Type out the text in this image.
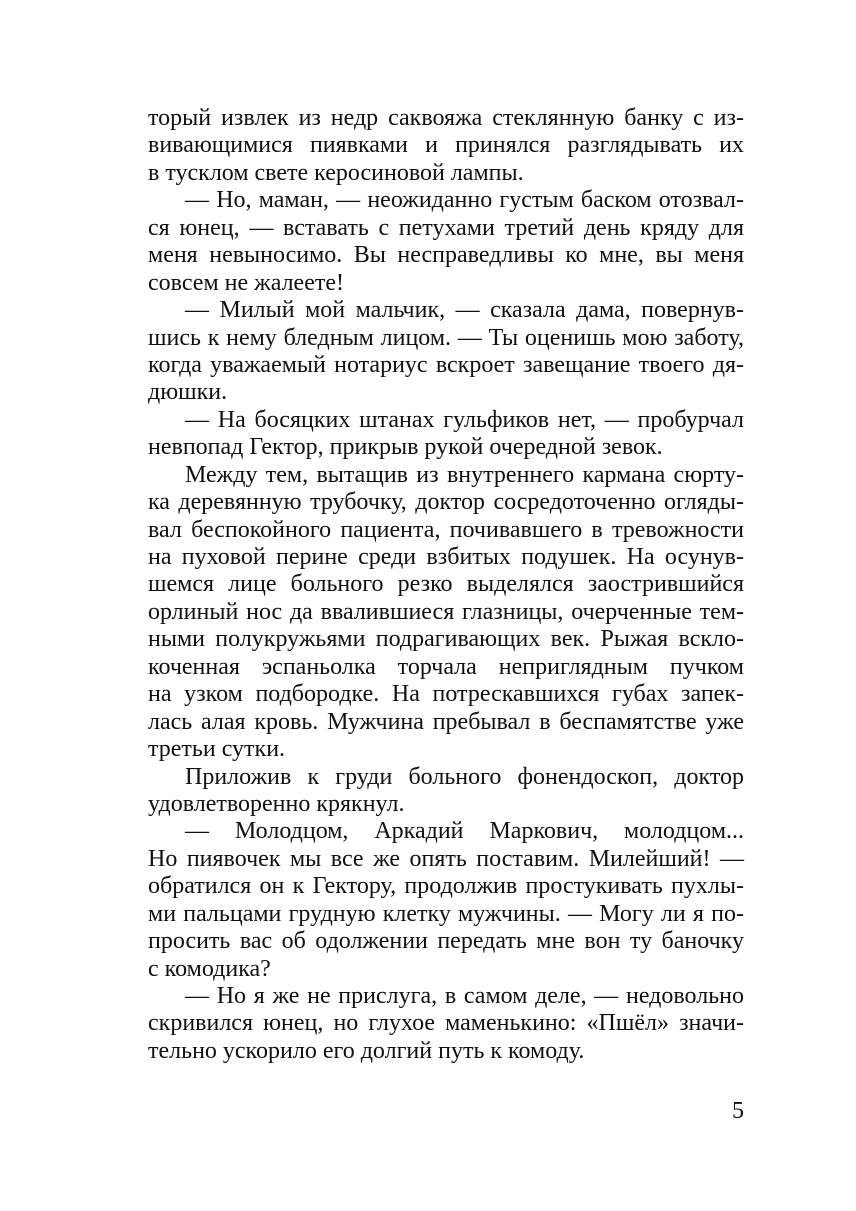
торый извлек из недр саквояжа стеклянную банку с из-
вивающимися пиявками и принялся разглядывать их
в тусклом свете керосиновой лампы.
— Но, маман, — неожиданно густым баском отозвал-
ся юнец, — вставать с петухами третий день кряду для
меня невыносимо. Вы несправедливы ко мне, вы меня
совсем не жалеете!
— Милый мой мальчик, — сказала дама, повернув-
шись к нему бледным лицом. — Ты оценишь мою заботу,
когда уважаемый нотариус вскроет завещание твоего дя-
дюшки.
— На босяцких штанах гульфиков нет, — пробурчал
невпопад Гектор, прикрыв рукой очередной зевок.
Между тем, вытащив из внутреннего кармана сюрту-
ка деревянную трубочку, доктор сосредоточенно огляды-
вал беспокойного пациента, почивавшего в тревожности
на пуховой перине среди взбитых подушек. На осунув-
шемся лице больного резко выделялся заострившийся
орлиный нос да ввалившиеся глазницы, очерченные тем-
ными полукружьями подрагивающих век. Рыжая вскло-
коченная эспаньолка торчала неприглядным пучком
на узком подбородке. На потрескавшихся губах запек-
лась алая кровь. Мужчина пребывал в беспамятстве уже
третьи сутки.
Приложив к груди больного фонендоскоп, доктор
удовлетворенно крякнул.
— Молодцом, Аркадий Маркович, молодцом...
Но пиявочек мы все же опять поставим. Милейший! —
обратился он к Гектору, продолжив простукивать пухлы-
ми пальцами грудную клетку мужчины. — Могу ли я по-
просить вас об одолжении передать мне вон ту баночку
с комодика?
— Но я же не прислуга, в самом деле, — недовольно
скривился юнец, но глухое маменькино: «Пшёл» значи-
тельно ускорило его долгий путь к комоду.
5
